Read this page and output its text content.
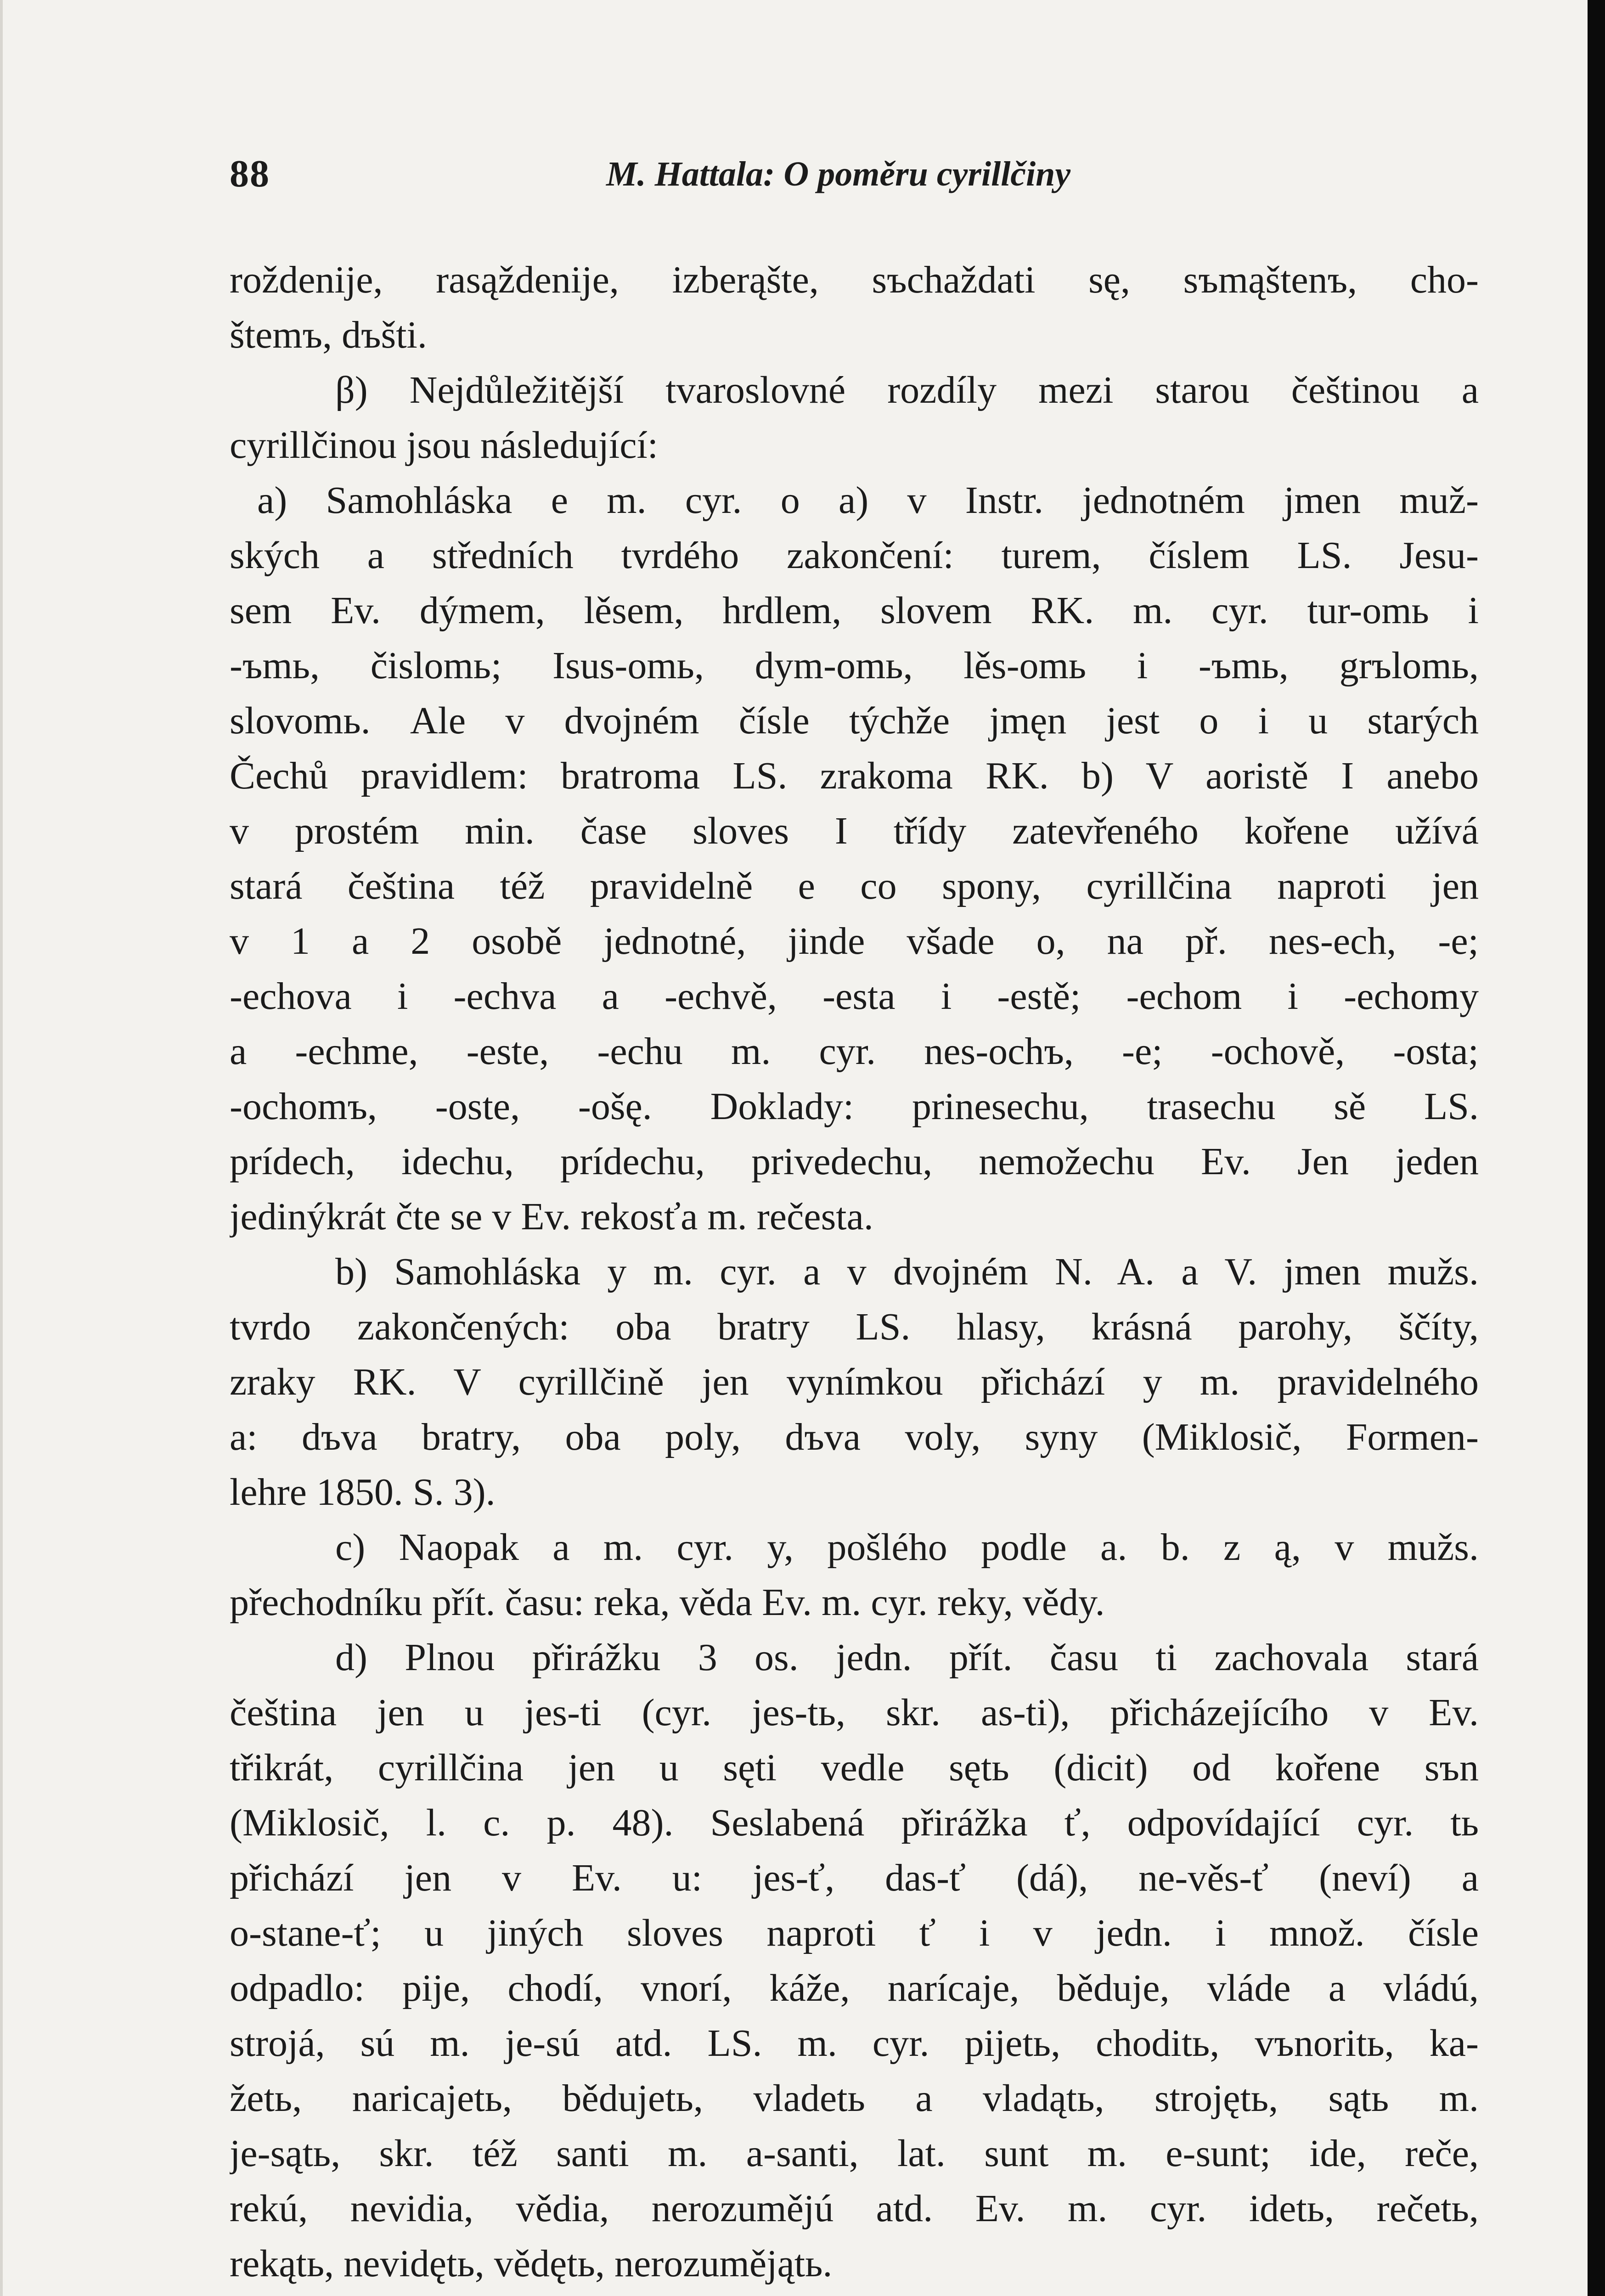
88	M. Hattala: O poměru cyrillčiny
roždenije, rasąždenije, izberąšte, sъchaždati sę, sъmąštenъ, cho-
štemъ, dъšti.
β) Nejdůležitější tvaroslovné rozdíly mezi starou češtinou a
cyrillčinou jsou následující:
a) Samohláska e m. cyr. o a) v Instr. jednotném jmen muž-
ských a středních tvrdého zakončení: turem, číslem LS. Jesu-
sem Ev. dýmem, lěsem, hrdlem, slovem RK. m. cyr. tur-omь i
-ъmь, čislomь; Isus-omь, dym-omь, lěs-omь i -ъmь, grъlomь,
slovomь. Ale v dvojném čísle týchže jmęn jest o i u starých
Čechů pravidlem: bratroma LS. zrakoma RK. b) V aoristě I anebo
v prostém min. čase sloves I třídy zatevřeného kořene užívá
stará čeština též pravidelně e co spony, cyrillčina naproti jen
v 1 a 2 osobě jednotné, jinde všade o, na př. nes-ech, -e;
-echova i -echva a -echvě, -esta i -estě; -echom i -echomy
a -echme, -este, -echu m. cyr. nes-ochъ, -e; -ochově, -osta;
-ochomъ, -oste, -ošę. Doklady: prinesechu, trasechu sě LS.
prídech, idechu, prídechu, privedechu, nemožechu Ev. Jen jeden
jedinýkrát čte se v Ev. rekosťa m. rečesta.
b) Samohláska y m. cyr. a v dvojném N. A. a V. jmen mužs.
tvrdo zakončených: oba bratry LS. hlasy, krásná parohy, ščíty,
zraky RK. V cyrillčině jen vynímkou přichází y m. pravidelného
a: dъva bratry, oba poly, dъva voly, syny (Miklosič, Formen-
lehre 1850. S. 3).
c) Naopak a m. cyr. y, pošlého podle a. b. z ą, v mužs.
přechodníku přít. času: reka, věda Ev. m. cyr. reky, vědy.
d) Plnou přirážku 3 os. jedn. přít. času ti zachovala stará
čeština jen u jes-ti (cyr. jes-tь, skr. as-ti), přicházejícího v Ev.
třikrát, cyrillčina jen u sęti vedle sętь (dicit) od kořene sъn
(Miklosič, l. c. p. 48). Seslabená přirážka ť, odpovídající cyr. tь
přichází jen v Ev. u: jes-ť, das-ť (dá), ne-věs-ť (neví) a
o-stane-ť; u jiných sloves naproti ť i v jedn. i množ. čísle
odpadlo: pije, chodí, vnorí, káže, narícaje, běduje, vláde a vládú,
strojá, sú m. je-sú atd. LS. m. cyr. pijetь, choditь, vъnoritь, ka-
žetь, naricajetь, bědujetь, vladetь a vladątь, strojętь, sątь m.
je-sątь, skr. též santi m. a-santi, lat. sunt m. e-sunt; ide, reče,
rekú, nevidia, vědia, nerozumějú atd. Ev. m. cyr. idetь, rečetь,
rekątь, nevidętь, vědętь, nerozumějątь.
